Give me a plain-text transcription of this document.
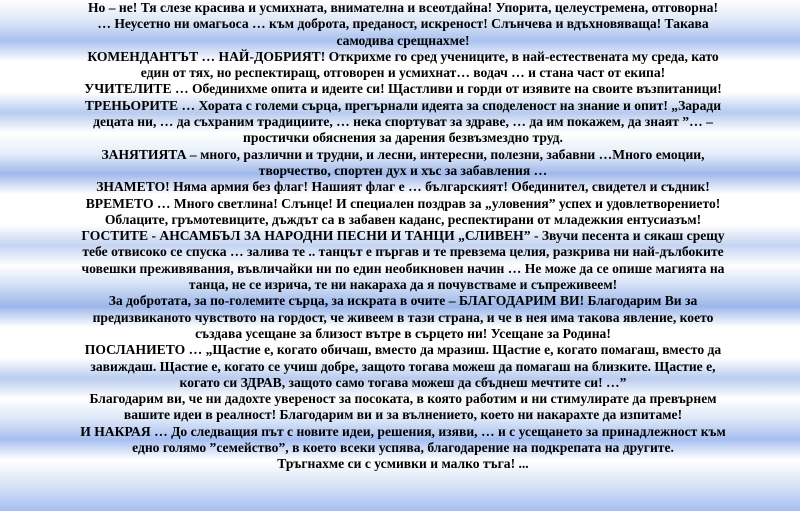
Но – не! Тя слезе красива и усмихната, внимателна и всеотдайна! Упорита, целеустремена, отговорна!

… Неусетно ни омагьоса … към доброта, преданост, искреност! Слънчева и вдъхновяваща! Такава самодива срещнахме!

КОМЕНДАНТЪТ … НАЙ-ДОБРИЯТ! Открихме го сред учениците, в най-естествената му среда, като един от тях, но респектиращ, отговорен и усмихнат… водач … и стана част от екипа!

УЧИТЕЛИТЕ … Обединихме опита и идеите си! Щастливи и горди от изявите на своите възпитаници!

ТРЕНЬОРИТЕ … Хората с големи сърца, прегърнали идеята за споделеност на знание и опит! „Заради децата ни, … да съхраним традициите, … нека спортуват за здраве, … да им покажем, да знаят ”… – простички обяснения за дарения безвъзмездно труд.

ЗАНЯТИЯТА – много, различни и трудни, и лесни, интересни, полезни, забавни …Много емоции, творчество, спортен дух и хъс за забавления …

ЗНАМЕТО! Няма армия без флаг! Нашият флаг е … българският! Обединител, свидетел и съдник!

ВРЕМЕТО … Много светлина! Слънце! И специален поздрав за „уловения” успех и удовлетворението! Облаците, гръмотевиците, дъждът са в забавен каданс, респектирани от младежкия ентусиазъм!

ГОСТИТЕ - АНСАМБЪЛ ЗА НАРОДНИ ПЕСНИ И ТАНЦИ „СЛИВЕН” - Звучи песента и сякаш срещу тебе отвисоко се спуска … залива те .. танцът е пъргав и те превзема целия, разкрива ни най-дълбоките човешки преживявания, въвличайки ни по един необикновен начин … Не може да се опише магията на танца, не се изрича, те ни накараха да я почувстваме и съпреживеем!

За добротата, за по-големите сърца, за искрата в очите – БЛАГОДАРИМ ВИ! Благодарим Ви за предизвиканото чувството на гордост, че живеем в тази страна, и че в нея има такова явление, което създава усещане за близост вътре в сърцето ни! Усещане за Родина!

ПОСЛАНИЕТО … „Щастие е, когато обичаш, вместо да мразиш. Щастие е, когато помагаш, вместо да завиждаш. Щастие е, когато се учиш добре, защото тогава можеш да помагаш на близките. Щастие е, когато си ЗДРАВ, защото само тогава можеш да сбъднеш мечтите си! …”

Благодарим ви, че ни дадохте увереност за посоката, в която работим и ни стимулирате да превърнем вашите идеи в реалност! Благодарим ви и за вълнението, което ни накарахте да изпитаме!

И НАКРАЯ … До следващия път с новите идеи, решения, изяви, … и с усещането за принадлежност към едно голямо ”семейство”, в което всеки успява, благодарение на подкрепата на другите.

Тръгнахме си с усмивки и малко тъга! ...
